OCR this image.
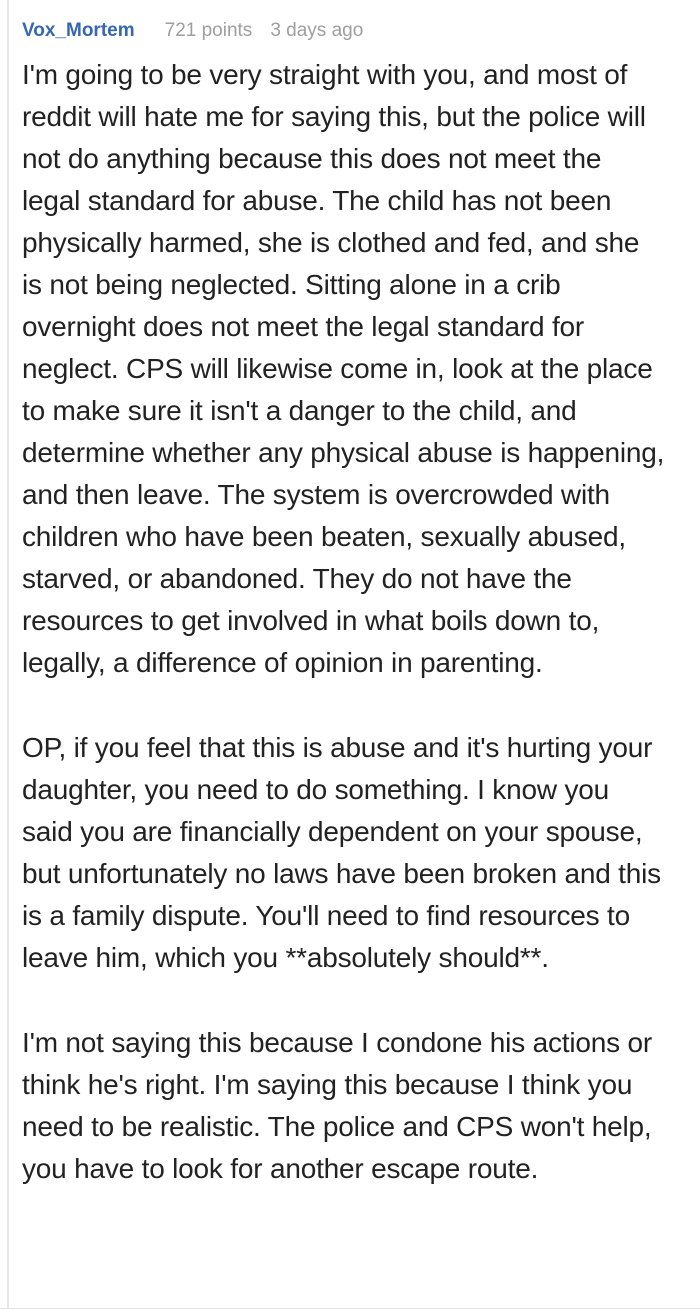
Vox_Mortem 721 points 3 days ago

I'm going to be very straight with you, and most of reddit will hate me for saying this, but the police will not do anything because this does not meet the legal standard for abuse. The child has not been physically harmed, she is clothed and fed, and she is not being neglected. Sitting alone in a crib overnight does not meet the legal standard for neglect. CPS will likewise come in, look at the place to make sure it isn't a danger to the child, and determine whether any physical abuse is happening, and then leave. The system is overcrowded with children who have been beaten, sexually abused, starved, or abandoned. They do not have the resources to get involved in what boils down to, legally, a difference of opinion in parenting.

OP, if you feel that this is abuse and it's hurting your daughter, you need to do something. I know you said you are financially dependent on your spouse, but unfortunately no laws have been broken and this is a family dispute. You'll need to find resources to leave him, which you **absolutely should**.

I'm not saying this because I condone his actions or think he's right. I'm saying this because I think you need to be realistic. The police and CPS won't help, you have to look for another escape route.
